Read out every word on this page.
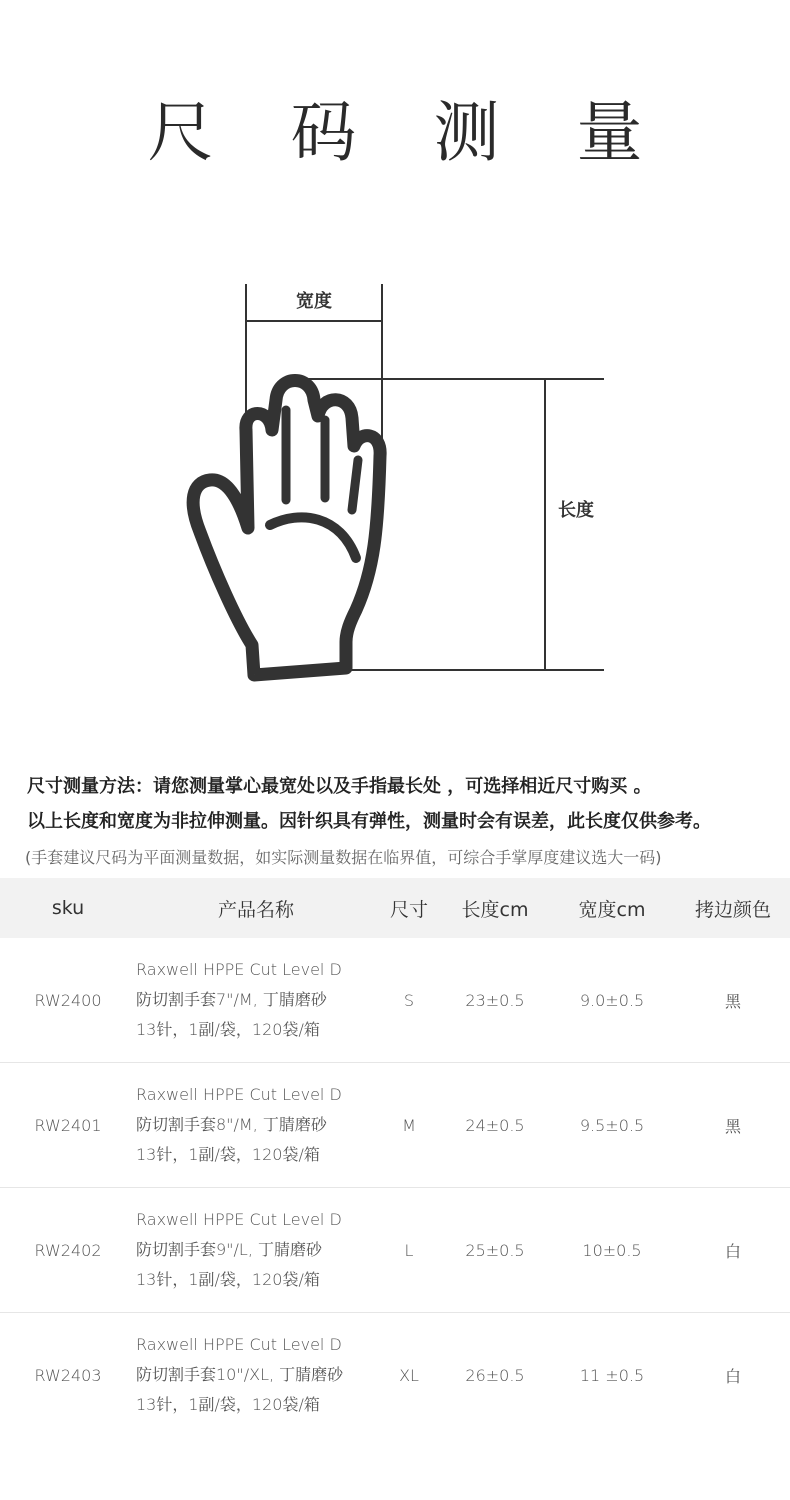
尺 码 测 量
宽度
长度
尺寸测量方法：请您测量掌心最宽处以及手指最长处 ，可选择相近尺寸购买 。
以上长度和宽度为非拉伸测量。因针织具有弹性，测量时会有误差，此长度仅供参考。
(手套建议尺码为平面测量数据，如实际测量数据在临界值，可综合手掌厚度建议选大一码)
sku	产品名称	尺寸	长度cm	宽度cm	拷边颜色
RW2400	Raxwell HPPE Cut Level D
防切割手套7"/M, 丁腈磨砂
13针，1副/袋，120袋/箱	S	23±0.5	9.0±0.5	黑
RW2401	Raxwell HPPE Cut Level D
防切割手套8"/M, 丁腈磨砂
13针，1副/袋，120袋/箱	M	24±0.5	9.5±0.5	黑
RW2402	Raxwell HPPE Cut Level D
防切割手套9"/L, 丁腈磨砂
13针，1副/袋，120袋/箱	L	25±0.5	10±0.5	白
RW2403	Raxwell HPPE Cut Level D
防切割手套10"/XL, 丁腈磨砂
13针，1副/袋，120袋/箱	XL	26±0.5	11 ±0.5	白
